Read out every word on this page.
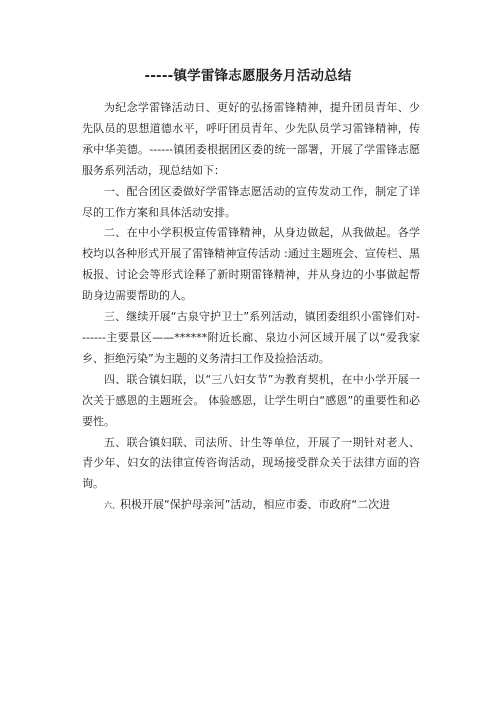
-----镇学雷锋志愿服务月活动总结

为纪念学雷锋活动日、更好的弘扬雷锋精神，提升团员青年、少先队员的思想道德水平，呼吁团员青年、少先队员学习雷锋精神，传承中华美德。------镇团委根据团区委的统一部署，开展了学雷锋志愿服务系列活动，现总结如下：

一、配合团区委做好学雷锋志愿活动的宣传发动工作，制定了详尽的工作方案和具体活动安排。

二、在中小学积极宣传雷锋精神，从身边做起，从我做起。各学校均以各种形式开展了雷锋精神宣传活动 :通过主题班会、宣传栏、黑板报、讨论会等形式诠释了新时期雷锋精神，并从身边的小事做起帮助身边需要帮助的人。

三、继续开展“古泉守护卫士”系列活动，镇团委组织小雷锋们对-------主要景区——******附近长廊、泉边小河区域开展了以“爱我家乡、拒绝污染”为主题的义务清扫工作及捡拾活动。

四、联合镇妇联，以“三八妇女节”为教育契机，在中小学开展一次关于感恩的主题班会。 体验感恩，让学生明白“感恩”的重要性和必要性。

五、联合镇妇联、司法所、计生等单位，开展了一期针对老人、青少年、妇女的法律宣传咨询活动，现场接受群众关于法律方面的咨询。

六、积极开展“保护母亲河”活动，相应市委、市政府“二次进
